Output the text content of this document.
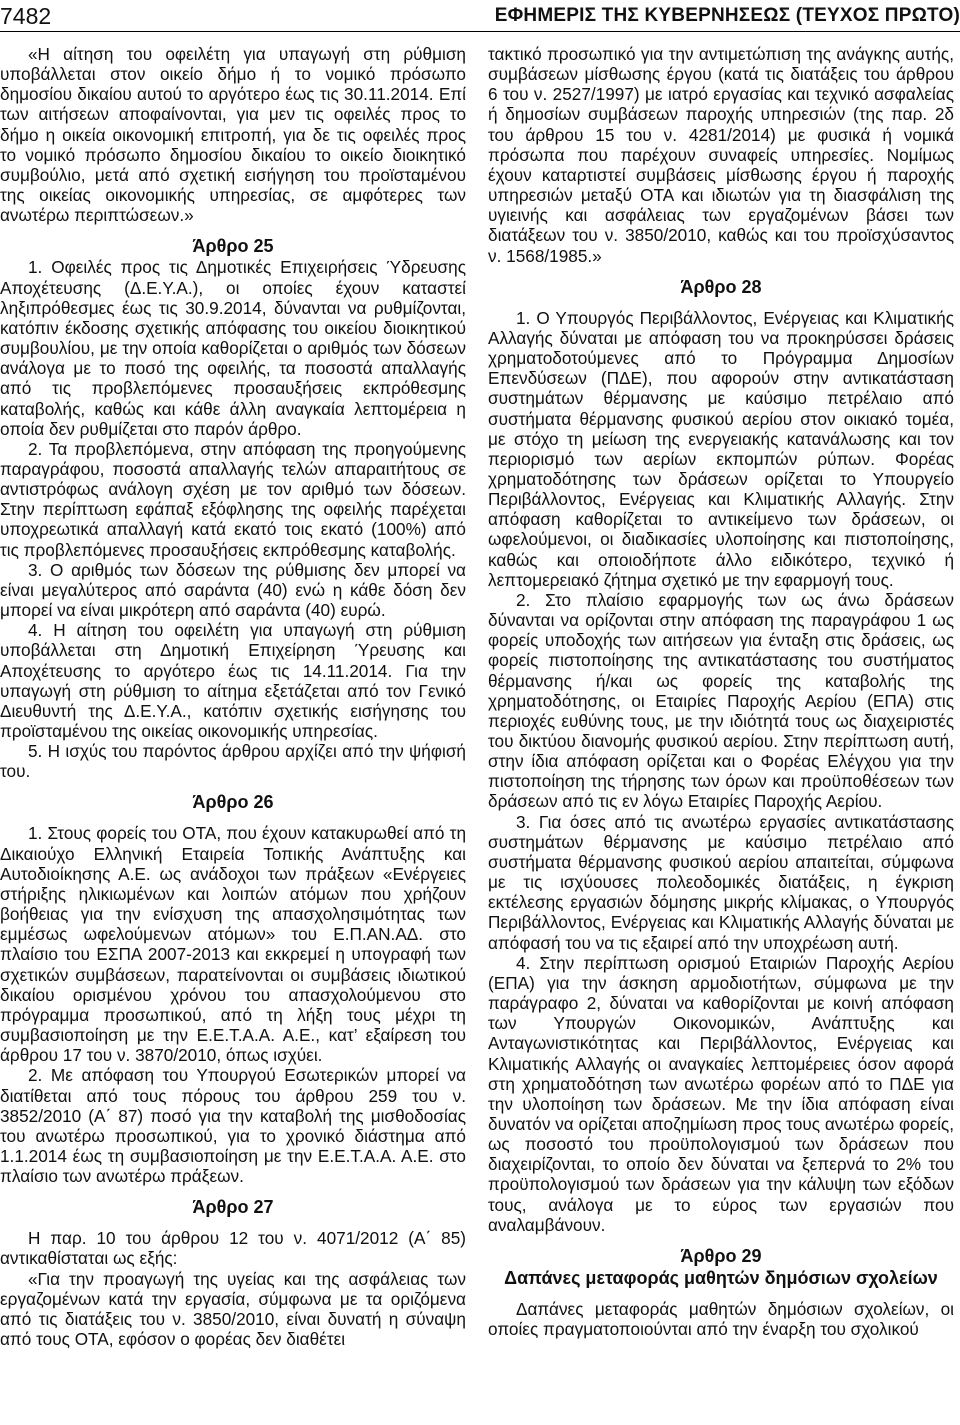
7482	ΕΦΗΜΕΡΙΣ ΤΗΣ ΚΥΒΕΡΝΗΣΕΩΣ (ΤΕΥΧΟΣ ΠΡΩΤΟ)

«Η αίτηση του οφειλέτη για υπαγωγή στη ρύθμιση υποβάλλεται στον οικείο δήμο ή το νομικό πρόσωπο δημοσίου δικαίου αυτού το αργότερο έως τις 30.11.2014. Επί των αιτήσεων αποφαίνονται, για μεν τις οφειλές προς το δήμο η οικεία οικονομική επιτροπή, για δε τις οφειλές προς το νομικό πρόσωπο δημοσίου δικαίου το οικείο διοικητικό συμβούλιο, μετά από σχετική εισήγηση του προϊσταμένου της οικείας οικονομικής υπηρεσίας, σε αμφότερες των ανωτέρω περιπτώσεων.»

Άρθρο 25

1. Οφειλές προς τις Δημοτικές Επιχειρήσεις Ύδρευσης Αποχέτευσης (Δ.Ε.Υ.Α.), οι οποίες έχουν καταστεί ληξιπρόθεσμες έως τις 30.9.2014, δύνανται να ρυθμίζονται, κατόπιν έκδοσης σχετικής απόφασης του οικείου διοικητικού συμβουλίου, με την οποία καθορίζεται ο αριθμός των δόσεων ανάλογα με το ποσό της οφειλής, τα ποσοστά απαλλαγής από τις προβλεπόμενες προσαυξήσεις εκπρόθεσμης καταβολής, καθώς και κάθε άλλη αναγκαία λεπτομέρεια η οποία δεν ρυθμίζεται στο παρόν άρθρο.

2. Τα προβλεπόμενα, στην απόφαση της προηγούμενης παραγράφου, ποσοστά απαλλαγής τελών απαραιτήτους σε αντιστρόφως ανάλογη σχέση με τον αριθμό των δόσεων. Στην περίπτωση εφάπαξ εξόφλησης της οφειλής παρέχεται υποχρεωτικά απαλλαγή κατά εκατό τοις εκατό (100%) από τις προβλεπόμενες προσαυξήσεις εκπρόθεσμης καταβολής.

3. Ο αριθμός των δόσεων της ρύθμισης δεν μπορεί να είναι μεγαλύτερος από σαράντα (40) ενώ η κάθε δόση δεν μπορεί να είναι μικρότερη από σαράντα (40) ευρώ.

4. Η αίτηση του οφειλέτη για υπαγωγή στη ρύθμιση υποβάλλεται στη Δημοτική Επιχείρηση Ύρευσης και Αποχέτευσης το αργότερο έως τις 14.11.2014. Για την υπαγωγή στη ρύθμιση το αίτημα εξετάζεται από τον Γενικό Διευθυντή της Δ.Ε.Υ.Α., κατόπιν σχετικής εισήγησης του προϊσταμένου της οικείας οικονομικής υπηρεσίας.

5. Η ισχύς του παρόντος άρθρου αρχίζει από την ψήφισή του.

Άρθρο 26

1. Στους φορείς του ΟΤΑ, που έχουν κατακυρωθεί από τη Δικαιούχο Ελληνική Εταιρεία Τοπικής Ανάπτυξης και Αυτοδιοίκησης Α.Ε. ως ανάδοχοι των πράξεων «Ενέργειες στήριξης ηλικιωμένων και λοιπών ατόμων που χρήζουν βοήθειας για την ενίσχυση της απασχολησιμότητας των εμμέσως ωφελούμενων ατόμων» του Ε.Π.ΑΝ.ΑΔ. στο πλαίσιο του ΕΣΠΑ 2007-2013 και εκκρεμεί η υπογραφή των σχετικών συμβάσεων, παρατείνονται οι συμβάσεις ιδιωτικού δικαίου ορισμένου χρόνου του απασχολούμενου στο πρόγραμμα προσωπικού, από τη λήξη τους μέχρι τη συμβασιοποίηση με την Ε.Ε.Τ.Α.Α. Α.Ε., κατ’ εξαίρεση του άρθρου 17 του ν. 3870/2010, όπως ισχύει.

2. Με απόφαση του Υπουργού Εσωτερικών μπορεί να διατίθεται από τους πόρους του άρθρου 259 του ν. 3852/2010 (Α΄ 87) ποσό για την καταβολή της μισθοδοσίας του ανωτέρω προσωπικού, για το χρονικό διάστημα από 1.1.2014 έως τη συμβασιοποίηση με την Ε.Ε.Τ.Α.Α. Α.Ε. στο πλαίσιο των ανωτέρω πράξεων.

Άρθρο 27

Η παρ. 10 του άρθρου 12 του ν. 4071/2012 (Α΄ 85) αντικαθίσταται ως εξής:

«Για την προαγωγή της υγείας και της ασφάλειας των εργαζομένων κατά την εργασία, σύμφωνα με τα οριζόμενα από τις διατάξεις του ν. 3850/2010, είναι δυνατή η σύναψη από τους ΟΤΑ, εφόσον ο φορέας δεν διαθέτει

τακτικό προσωπικό για την αντιμετώπιση της ανάγκης αυτής, συμβάσεων μίσθωσης έργου (κατά τις διατάξεις του άρθρου 6 του ν. 2527/1997) με ιατρό εργασίας και τεχνικό ασφαλείας ή δημοσίων συμβάσεων παροχής υπηρεσιών (της παρ. 2δ του άρθρου 15 του ν. 4281/2014) με φυσικά ή νομικά πρόσωπα που παρέχουν συναφείς υπηρεσίες. Νομίμως έχουν καταρτιστεί συμβάσεις μίσθωσης έργου ή παροχής υπηρεσιών μεταξύ ΟΤΑ και ιδιωτών για τη διασφάλιση της υγιεινής και ασφάλειας των εργαζομένων βάσει των διατάξεων του ν. 3850/2010, καθώς και του προϊσχύσαντος ν. 1568/1985.»

Άρθρο 28

1. Ο Υπουργός Περιβάλλοντος, Ενέργειας και Κλιματικής Αλλαγής δύναται με απόφαση του να προκηρύσσει δράσεις χρηματοδοτούμενες από το Πρόγραμμα Δημοσίων Επενδύσεων (ΠΔΕ), που αφορούν στην αντικατάσταση συστημάτων θέρμανσης με καύσιμο πετρέλαιο από συστήματα θέρμανσης φυσικού αερίου στον οικιακό τομέα, με στόχο τη μείωση της ενεργειακής κατανάλωσης και τον περιορισμό των αερίων εκπομπών ρύπων. Φορέας χρηματοδότησης των δράσεων ορίζεται το Υπουργείο Περιβάλλοντος, Ενέργειας και Κλιματικής Αλλαγής. Στην απόφαση καθορίζεται το αντικείμενο των δράσεων, οι ωφελούμενοι, οι διαδικασίες υλοποίησης και πιστοποίησης, καθώς και οποιοδήποτε άλλο ειδικότερο, τεχνικό ή λεπτομερειακό ζήτημα σχετικό με την εφαρμογή τους.

2. Στο πλαίσιο εφαρμογής των ως άνω δράσεων δύνανται να ορίζονται στην απόφαση της παραγράφου 1 ως φορείς υποδοχής των αιτήσεων για ένταξη στις δράσεις, ως φορείς πιστοποίησης της αντικατάστασης του συστήματος θέρμανσης ή/και ως φορείς της καταβολής της χρηματοδότησης, οι Εταιρίες Παροχής Αερίου (ΕΠΑ) στις περιοχές ευθύνης τους, με την ιδιότητά τους ως διαχειριστές του δικτύου διανομής φυσικού αερίου. Στην περίπτωση αυτή, στην ίδια απόφαση ορίζεται και ο Φορέας Ελέγχου για την πιστοποίηση της τήρησης των όρων και προϋποθέσεων των δράσεων από τις εν λόγω Εταιρίες Παροχής Αερίου.

3. Για όσες από τις ανωτέρω εργασίες αντικατάστασης συστημάτων θέρμανσης με καύσιμο πετρέλαιο από συστήματα θέρμανσης φυσικού αερίου απαιτείται, σύμφωνα με τις ισχύουσες πολεοδομικές διατάξεις, η έγκριση εκτέλεσης εργασιών δόμησης μικρής κλίμακας, ο Υπουργός Περιβάλλοντος, Ενέργειας και Κλιματικής Αλλαγής δύναται με απόφασή του να τις εξαιρεί από την υποχρέωση αυτή.

4. Στην περίπτωση ορισμού Εταιριών Παροχής Αερίου (ΕΠΑ) για την άσκηση αρμοδιοτήτων, σύμφωνα με την παράγραφο 2, δύναται να καθορίζονται με κοινή απόφαση των Υπουργών Οικονομικών, Ανάπτυξης και Ανταγωνιστικότητας και Περιβάλλοντος, Ενέργειας και Κλιματικής Αλλαγής οι αναγκαίες λεπτομέρειες όσον αφορά στη χρηματοδότηση των ανωτέρω φορέων από το ΠΔΕ για την υλοποίηση των δράσεων. Με την ίδια απόφαση είναι δυνατόν να ορίζεται αποζημίωση προς τους ανωτέρω φορείς, ως ποσοστό του προϋπολογισμού των δράσεων που διαχειρίζονται, το οποίο δεν δύναται να ξεπερνά το 2% του προϋπολογισμού των δράσεων για την κάλυψη των εξόδων τους, ανάλογα με το εύρος των εργασιών που αναλαμβάνουν.

Άρθρο 29

Δαπάνες μεταφοράς μαθητών δημόσιων σχολείων

Δαπάνες μεταφοράς μαθητών δημόσιων σχολείων, οι οποίες πραγματοποιούνται από την έναρξη του σχολικού
